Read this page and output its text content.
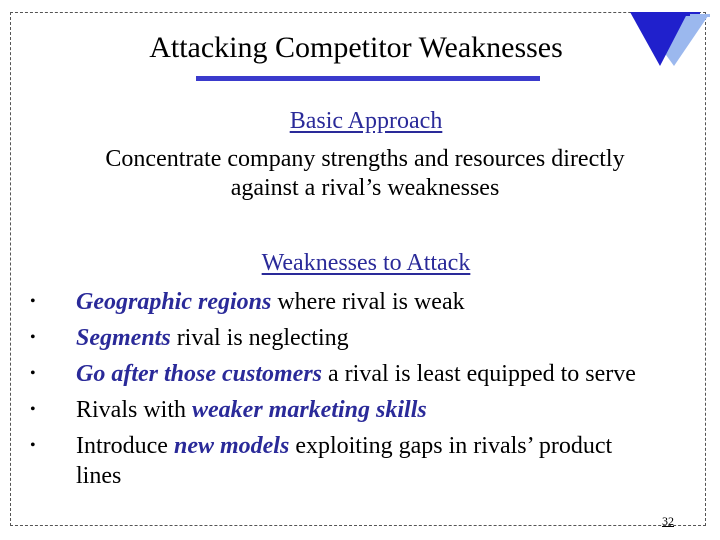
Attacking Competitor Weaknesses
Basic Approach
Concentrate company strengths and resources directly
against a rival’s weaknesses
Weaknesses to Attack
• Geographic regions where rival is weak
• Segments rival is neglecting
• Go after those customers a rival is least equipped to serve
• Rivals with weaker marketing skills
• Introduce new models exploiting gaps in rivals’ product
lines
32
